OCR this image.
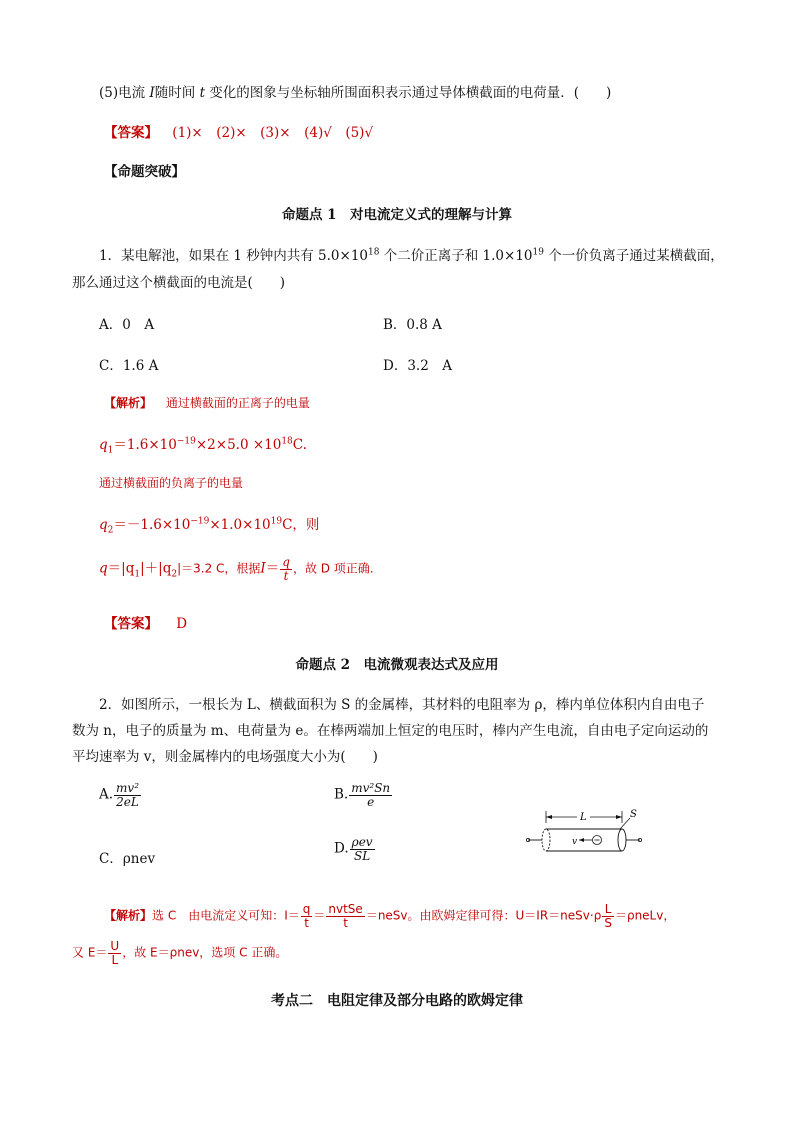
(5)电流 I随时间 t 变化的图象与坐标轴所围面积表示通过导体横截面的电荷量．(　　)
【答案】 (1)×　(2)×　(3)×　(4)√　(5)√
【命题突破】
命题点 1　对电流定义式的理解与计算
1．某电解池，如果在 1 秒钟内共有 $5.0\times 10^{18}$ 个二价正离子和 $1.0\times 10^{19}$ 个一价负离子通过某横截面，
那么通过这个横截面的电流是(　　)
A．0　A	B．0.8 A
C．1.6 A	D．3.2　A
【解析】 通过横截面的正离子的电量
$q_1=1.6\times 10^{-19}\times 2\times 5.0 \times 10^{18}C$.
通过横截面的负离子的电量
$q_2=-1.6\times 10^{-19}\times 1.0\times 10^{19}C$，则
$q=|q_1|+|q_2|=3.2$ C，根据$I= \frac{q}{t}$ ，故 D 项正确.
【答案】 D
命题点 2　电流微观表达式及应用
2．如图所示，一根长为 L、横截面积为 S 的金属棒，其材料的电阻率为 ρ，棒内单位体积内自由电子
数为 n，电子的质量为 m、电荷量为 e。在棒两端加上恒定的电压时，棒内产生电流，自由电子定向运动的
平均速率为 v，则金属棒内的电场强度大小为(　　)
A. $\frac{\text{mv²}}{2eL}$	B. $\frac{\text{mv²Sn}}{e}$
C．ρnev
D. $\frac{\text{ρev}}{SL}$
L	S
v
【解析】选 C　由电流定义可知：$I= \frac{q}{t} = \frac{\text{nvtSe}}{t}$ ＝neSv。由欧姆定律可得：U＝IR＝neSv·ρ $\frac{L}{S}$ ＝ρneLv，
又 $E= \frac{U}{L}$ ，故 E＝ρnev，选项 C 正确。
考点二　电阻定律及部分电路的欧姆定律
